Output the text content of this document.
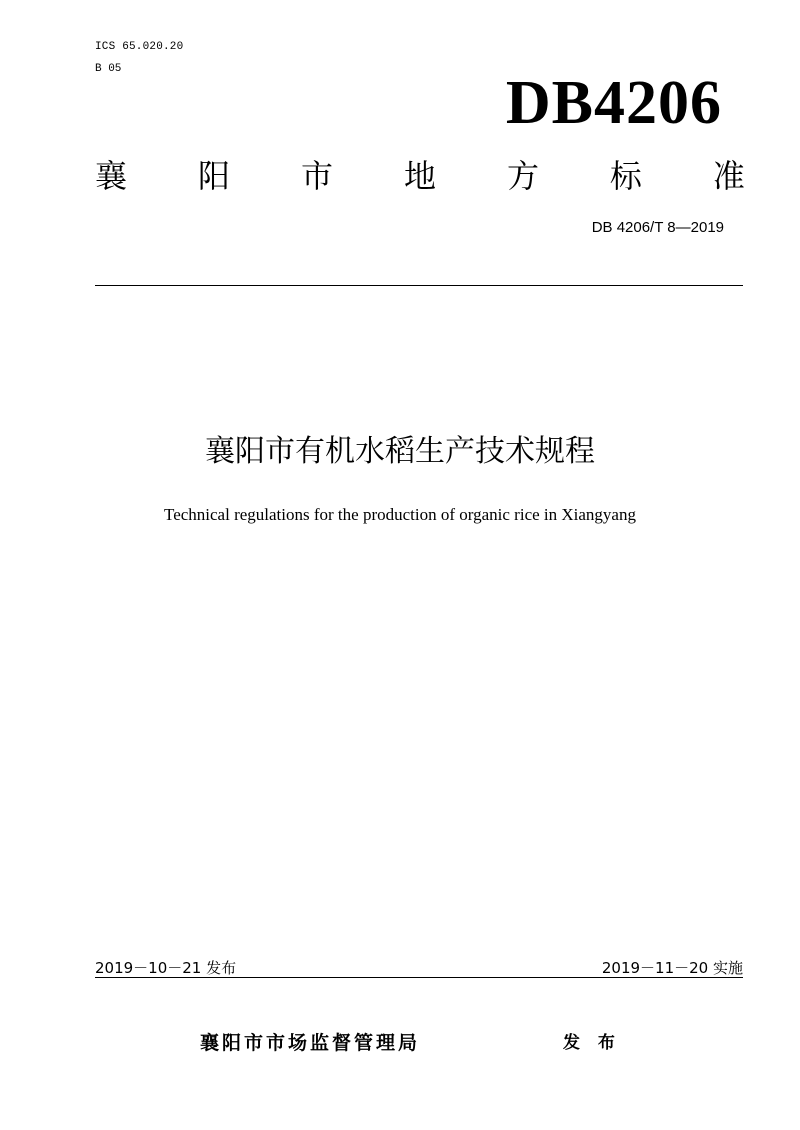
ICS 65.020.20
B 05	DB4206
襄 阳 市 地 方 标 准
DB 4206/T 8—2019
襄阳市有机水稻生产技术规程
Technical regulations for the production of organic rice in Xiangyang
2019－10－21 发布	2019－11－20 实施
襄阳市市场监督管理局	发 布
